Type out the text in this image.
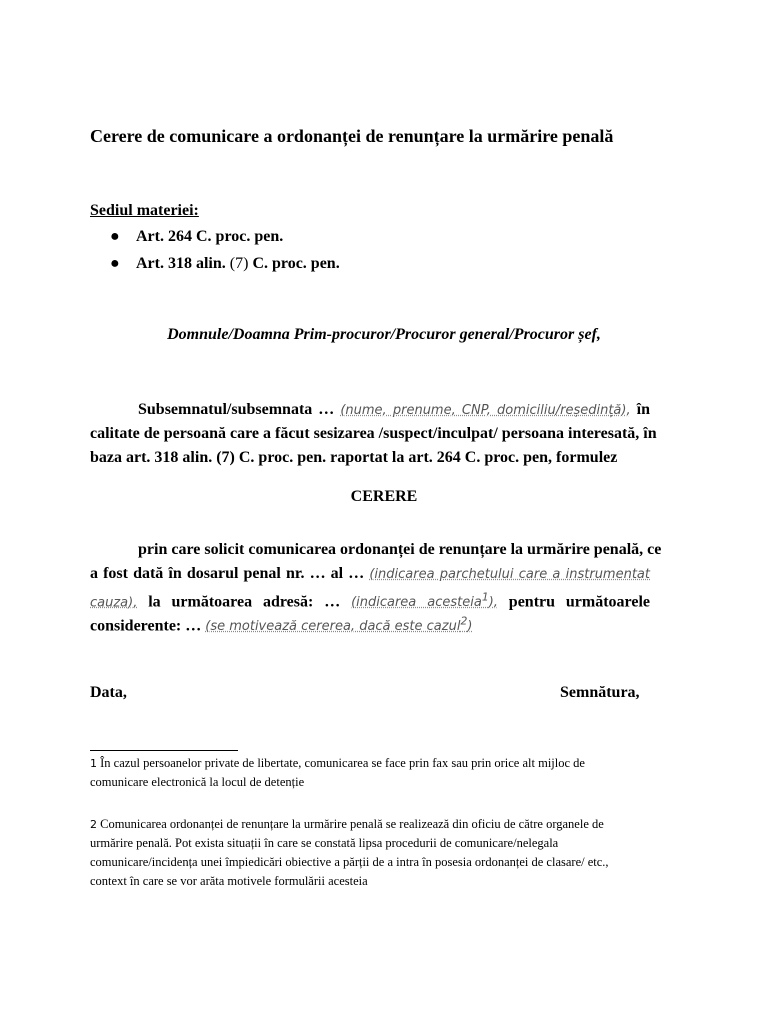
Cerere de comunicare a ordonanței de renunțare la urmărire penală
Sediul materiei:
● Art. 264 C. proc. pen.
● Art. 318 alin. (7) C. proc. pen.
Domnule/Doamna Prim-procuror/Procuror general/Procuror șef,
Subsemnatul/subsemnata … (nume, prenume, CNP, domiciliu/reședință), în
calitate de persoană care a făcut sesizarea /suspect/inculpat/ persoana interesată, în
baza art. 318 alin. (7) C. proc. pen. raportat la art. 264 C. proc. pen, formulez
CERERE
prin care solicit comunicarea ordonanței de renunțare la urmărire penală, ce
a fost dată în dosarul penal nr. … al … (indicarea parchetului care a instrumentat
cauza), la următoarea adresă: … (indicarea acesteia$^1$), pentru următoarele
considerente: … (se motivează cererea, dacă este cazul$^2$)
Data,	Semnătura,
1 În cazul persoanelor private de libertate, comunicarea se face prin fax sau prin orice alt mijloc de
comunicare electronică la locul de detenție
2 Comunicarea ordonanței de renunțare la urmărire penală se realizează din oficiu de către organele de
urmărire penală. Pot exista situații în care se constată lipsa procedurii de comunicare/nelegala
comunicare/incidența unei împiedicări obiective a părții de a intra în posesia ordonanței de clasare/ etc.,
context în care se vor arăta motivele formulării acesteia
